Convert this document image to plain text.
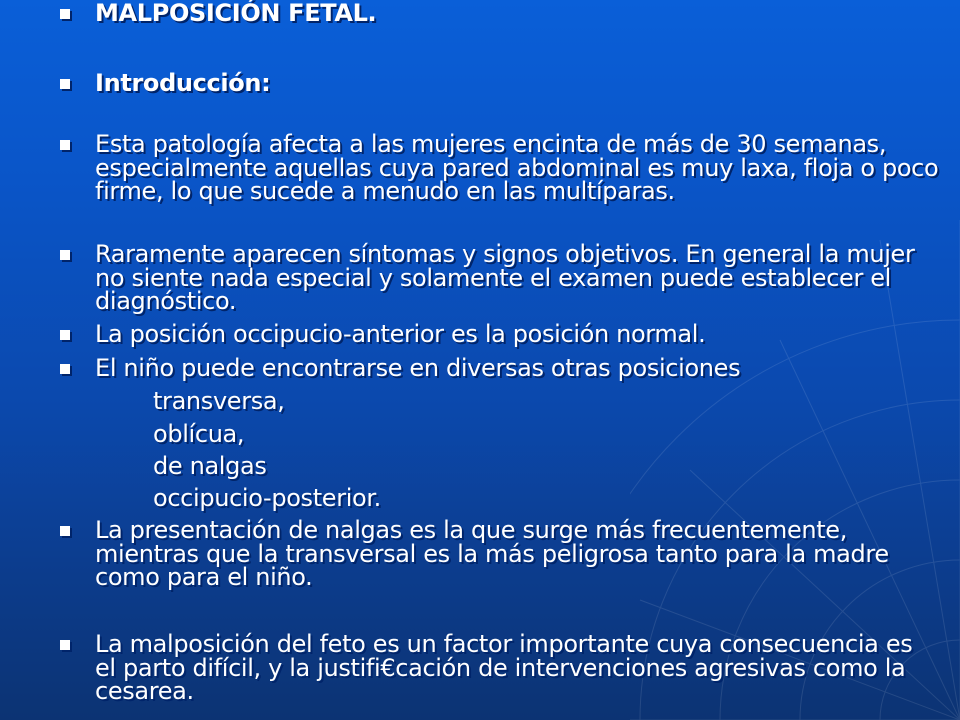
MALPOSICIÓN FETAL.
Introducción:
Esta patología afecta a las mujeres encinta de más de 30 semanas, especialmente aquellas cuya pared abdominal es muy laxa, floja o poco firme, lo que sucede a menudo en las multíparas.
Raramente aparecen síntomas y signos objetivos. En general la mujer no siente nada especial y solamente el examen puede establecer el diagnóstico.
La posición occipucio-anterior es la posición normal.
El niño puede encontrarse en diversas otras posiciones
transversa,
oblícua,
de nalgas
occipucio-posterior.
La presentación de nalgas es la que surge más frecuentemente, mientras que la transversal es la más peligrosa tanto para la madre como para el niño.
La malposición del feto es un factor importante cuya consecuencia es el parto difícil, y la justifi€cación de intervenciones agresivas como la cesarea.
